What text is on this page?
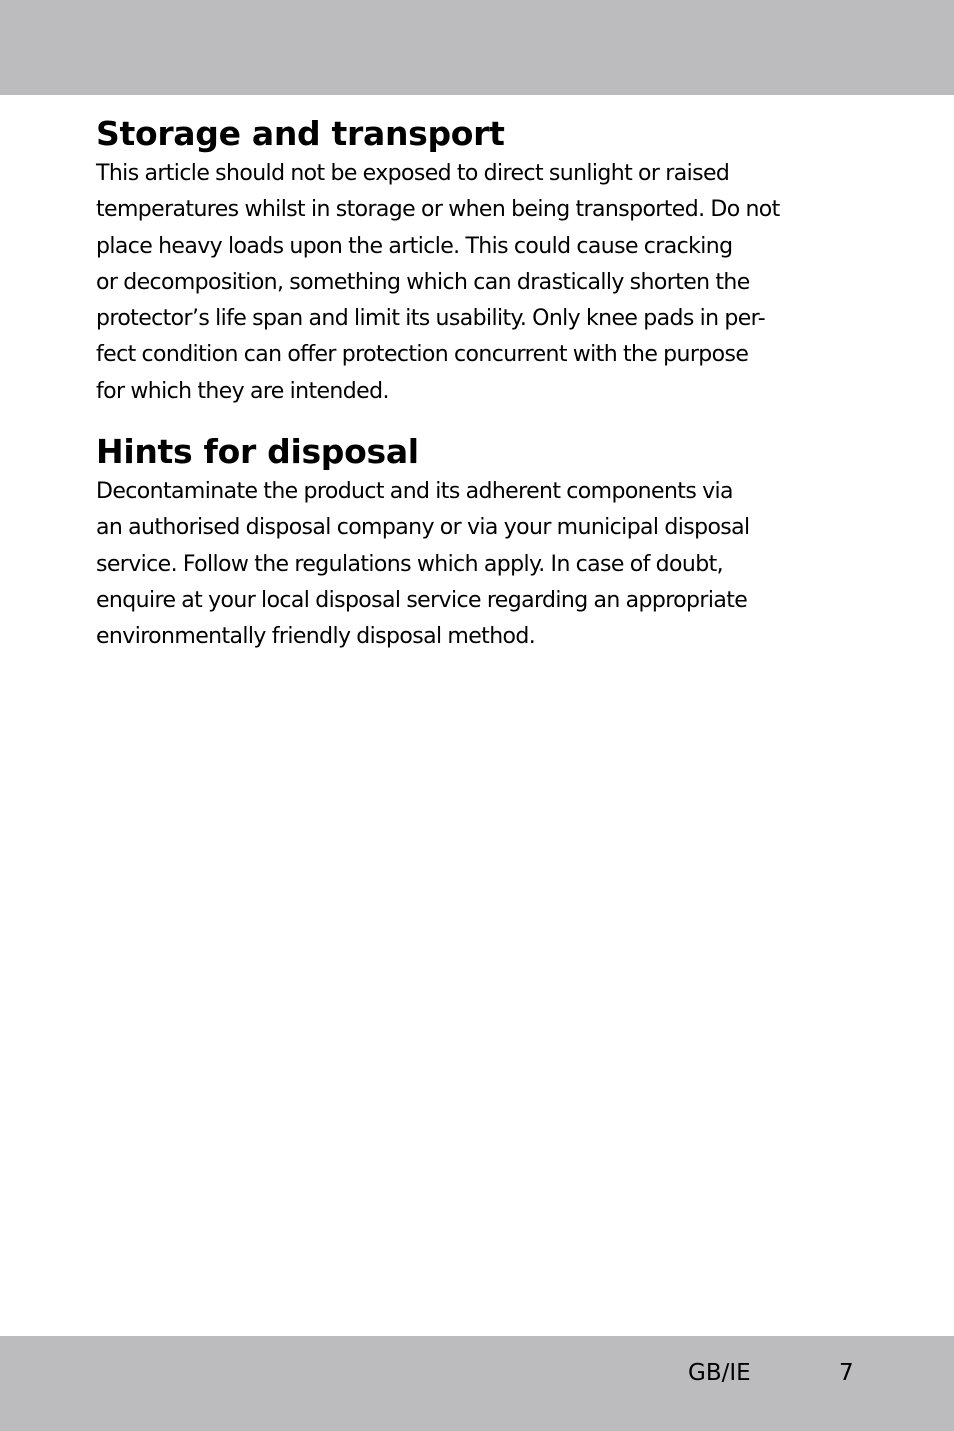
Storage and transport

This article should not be exposed to direct sunlight or raised
temperatures whilst in storage or when being transported. Do not
place heavy loads upon the article. This could cause cracking
or decomposition, something which can drastically shorten the
protector’s life span and limit its usability. Only knee pads in per-
fect condition can offer protection concurrent with the purpose
for which they are intended.

Hints for disposal

Decontaminate the product and its adherent components via
an authorised disposal company or via your municipal disposal
service. Follow the regulations which apply. In case of doubt,
enquire at your local disposal service regarding an appropriate
environmentally friendly disposal method.

GB/IE	7
